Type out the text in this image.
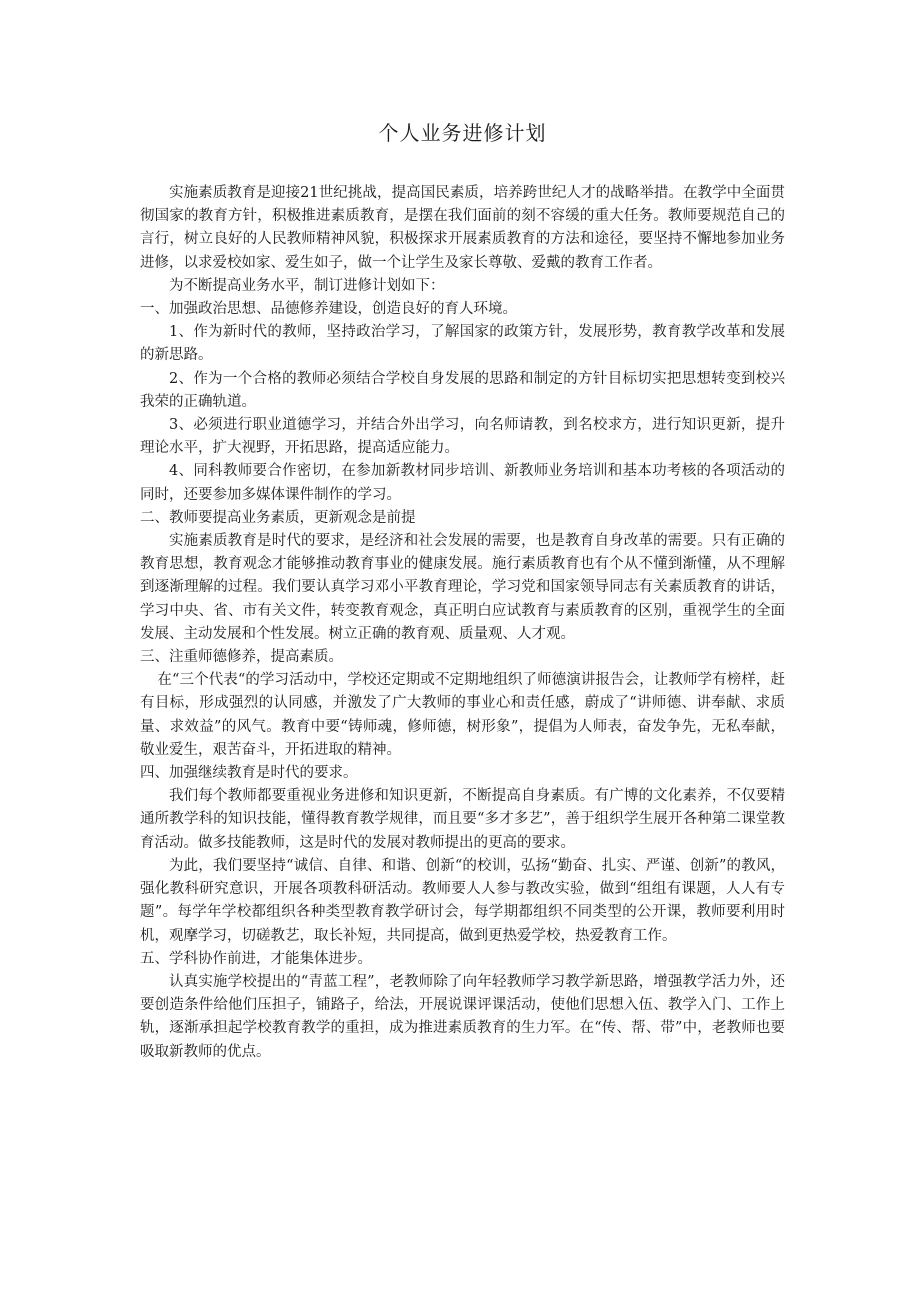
个人业务进修计划

实施素质教育是迎接21世纪挑战，提高国民素质，培养跨世纪人才的战略举措。在教学中全面贯彻国家的教育方针，积极推进素质教育，是摆在我们面前的刻不容缓的重大任务。教师要规范自己的言行，树立良好的人民教师精神风貌，积极探求开展素质教育的方法和途径，要坚持不懈地参加业务进修，以求爱校如家、爱生如子，做一个让学生及家长尊敬、爱戴的教育工作者。

为不断提高业务水平，制订进修计划如下：

一、加强政治思想、品德修养建设，创造良好的育人环境。

1、作为新时代的教师，坚持政治学习，了解国家的政策方针，发展形势，教育教学改革和发展的新思路。

2、作为一个合格的教师必须结合学校自身发展的思路和制定的方针目标切实把思想转变到校兴我荣的正确轨道。

3、必须进行职业道德学习，并结合外出学习，向名师请教，到名校求方，进行知识更新，提升理论水平，扩大视野，开拓思路，提高适应能力。

4、同科教师要合作密切，在参加新教材同步培训、新教师业务培训和基本功考核的各项活动的同时，还要参加多媒体课件制作的学习。

二、教师要提高业务素质，更新观念是前提

实施素质教育是时代的要求，是经济和社会发展的需要，也是教育自身改革的需要。只有正确的教育思想，教育观念才能够推动教育事业的健康发展。施行素质教育也有个从不懂到渐懂，从不理解到逐渐理解的过程。我们要认真学习邓小平教育理论，学习党和国家领导同志有关素质教育的讲话，学习中央、省、市有关文件，转变教育观念，真正明白应试教育与素质教育的区别，重视学生的全面发展、主动发展和个性发展。树立正确的教育观、质量观、人才观。

三、注重师德修养，提高素质。

在“三个代表“的学习活动中，学校还定期或不定期地组织了师德演讲报告会，让教师学有榜样，赶有目标，形成强烈的认同感，并激发了广大教师的事业心和责任感，蔚成了“讲师德、讲奉献、求质量、求效益”的风气。教育中要“铸师魂，修师德，树形象”，提倡为人师表，奋发争先，无私奉献，敬业爱生，艰苦奋斗，开拓进取的精神。

四、加强继续教育是时代的要求。

我们每个教师都要重视业务进修和知识更新，不断提高自身素质。有广博的文化素养，不仅要精通所教学科的知识技能，懂得教育教学规律，而且要“多才多艺”，善于组织学生展开各种第二课堂教育活动。做多技能教师，这是时代的发展对教师提出的更高的要求。

为此，我们要坚持“诚信、自律、和谐、创新“的校训，弘扬“勤奋、扎实、严谨、创新”的教风，强化教科研究意识，开展各项教科研活动。教师要人人参与教改实验，做到“组组有课题，人人有专题”。每学年学校都组织各种类型教育教学研讨会，每学期都组织不同类型的公开课，教师要利用时机，观摩学习，切磋教艺，取长补短，共同提高，做到更热爱学校，热爱教育工作。

五、学科协作前进，才能集体进步。

认真实施学校提出的“青蓝工程”，老教师除了向年轻教师学习教学新思路，增强教学活力外，还要创造条件给他们压担子，铺路子，给法，开展说课评课活动，使他们思想入伍、教学入门、工作上轨，逐渐承担起学校教育教学的重担，成为推进素质教育的生力军。在“传、帮、带”中，老教师也要吸取新教师的优点。
